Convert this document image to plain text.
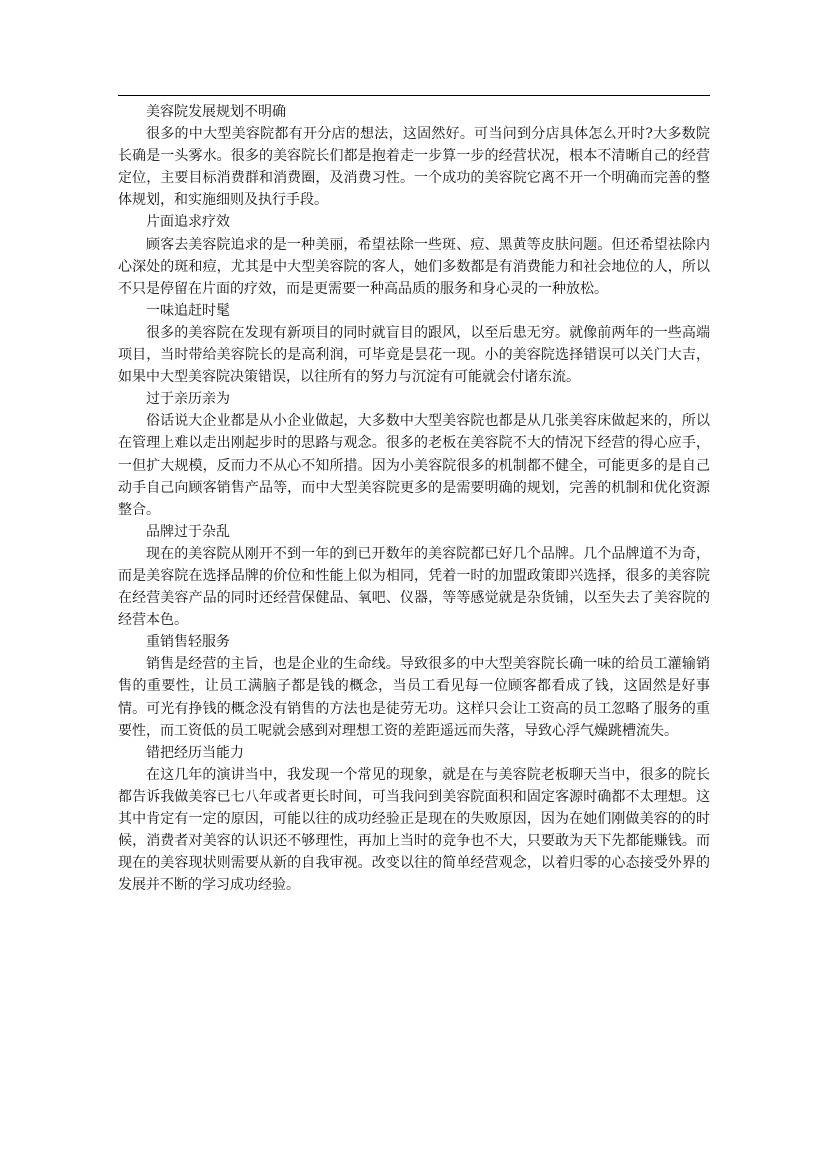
美容院发展规划不明确

很多的中大型美容院都有开分店的想法，这固然好。可当问到分店具体怎么开时?大多数院长确是一头雾水。很多的美容院长们都是抱着走一步算一步的经营状况，根本不清晰自己的经营定位，主要目标消费群和消费圈，及消费习性。一个成功的美容院它离不开一个明确而完善的整体规划，和实施细则及执行手段。

片面追求疗效

顾客去美容院追求的是一种美丽，希望祛除一些斑、痘、黑黄等皮肤问题。但还希望祛除内心深处的斑和痘，尤其是中大型美容院的客人，她们多数都是有消费能力和社会地位的人，所以不只是停留在片面的疗效，而是更需要一种高品质的服务和身心灵的一种放松。

一味追赶时髦

很多的美容院在发现有新项目的同时就盲目的跟风，以至后患无穷。就像前两年的一些高端项目，当时带给美容院长的是高利润，可毕竟是昙花一现。小的美容院选择错误可以关门大吉，如果中大型美容院决策错误，以往所有的努力与沉淀有可能就会付诸东流。

过于亲历亲为

俗话说大企业都是从小企业做起，大多数中大型美容院也都是从几张美容床做起来的，所以在管理上难以走出刚起步时的思路与观念。很多的老板在美容院不大的情况下经营的得心应手，一但扩大规模，反而力不从心不知所措。因为小美容院很多的机制都不健全，可能更多的是自己动手自己向顾客销售产品等，而中大型美容院更多的是需要明确的规划，完善的机制和优化资源整合。

品牌过于杂乱

现在的美容院从刚开不到一年的到已开数年的美容院都已好几个品牌。几个品牌道不为奇，而是美容院在选择品牌的价位和性能上似为相同，凭着一时的加盟政策即兴选择，很多的美容院在经营美容产品的同时还经营保健品、氧吧、仪器，等等感觉就是杂货铺，以至失去了美容院的经营本色。

重销售轻服务

销售是经营的主旨，也是企业的生命线。导致很多的中大型美容院长确一味的给员工灌输销售的重要性，让员工满脑子都是钱的概念，当员工看见每一位顾客都看成了钱，这固然是好事情。可光有挣钱的概念没有销售的方法也是徒劳无功。这样只会让工资高的员工忽略了服务的重要性，而工资低的员工呢就会感到对理想工资的差距遥远而失落，导致心浮气燥跳槽流失。

错把经历当能力

在这几年的演讲当中，我发现一个常见的现象，就是在与美容院老板聊天当中，很多的院长都告诉我做美容已七八年或者更长时间，可当我问到美容院面积和固定客源时确都不太理想。这其中肯定有一定的原因，可能以往的成功经验正是现在的失败原因，因为在她们刚做美容的的时候，消费者对美容的认识还不够理性，再加上当时的竞争也不大，只要敢为天下先都能赚钱。而现在的美容现状则需要从新的自我审视。改变以往的简单经营观念，以着归零的心态接受外界的发展并不断的学习成功经验。
